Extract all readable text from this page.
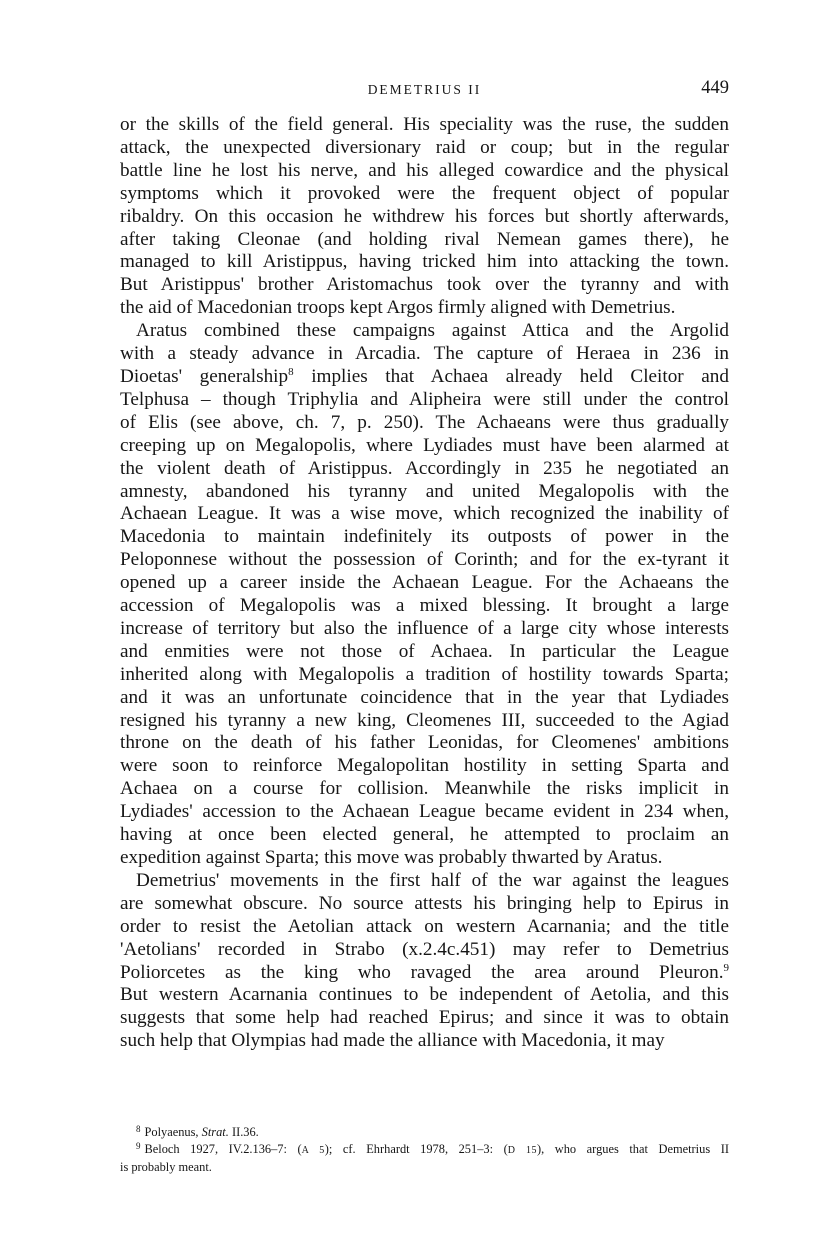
DEMETRIUS II	449

or the skills of the field general. His speciality was the ruse, the sudden

attack, the unexpected diversionary raid or coup; but in the regular

battle line he lost his nerve, and his alleged cowardice and the physical

symptoms which it provoked were the frequent object of popular

ribaldry. On this occasion he withdrew his forces but shortly afterwards,

after taking Cleonae (and holding rival Nemean games there), he

managed to kill Aristippus, having tricked him into attacking the town.

But Aristippus' brother Aristomachus took over the tyranny and with

the aid of Macedonian troops kept Argos firmly aligned with Demetrius.

Aratus combined these campaigns against Attica and the Argolid

with a steady advance in Arcadia. The capture of Heraea in 236 in

Dioetas' generalship$^8$ implies that Achaea already held Cleitor and

Telphusa – though Triphylia and Alipheira were still under the control

of Elis (see above, ch. 7, p. 250). The Achaeans were thus gradually

creeping up on Megalopolis, where Lydiades must have been alarmed at

the violent death of Aristippus. Accordingly in 235 he negotiated an

amnesty, abandoned his tyranny and united Megalopolis with the

Achaean League. It was a wise move, which recognized the inability of

Macedonia to maintain indefinitely its outposts of power in the

Peloponnese without the possession of Corinth; and for the ex-tyrant it

opened up a career inside the Achaean League. For the Achaeans the

accession of Megalopolis was a mixed blessing. It brought a large

increase of territory but also the influence of a large city whose interests

and enmities were not those of Achaea. In particular the League

inherited along with Megalopolis a tradition of hostility towards Sparta;

and it was an unfortunate coincidence that in the year that Lydiades

resigned his tyranny a new king, Cleomenes III, succeeded to the Agiad

throne on the death of his father Leonidas, for Cleomenes' ambitions

were soon to reinforce Megalopolitan hostility in setting Sparta and

Achaea on a course for collision. Meanwhile the risks implicit in

Lydiades' accession to the Achaean League became evident in 234 when,

having at once been elected general, he attempted to proclaim an

expedition against Sparta; this move was probably thwarted by Aratus.

Demetrius' movements in the first half of the war against the leagues

are somewhat obscure. No source attests his bringing help to Epirus in

order to resist the Aetolian attack on western Acarnania; and the title

'Aetolians' recorded in Strabo (x.2.4c.451) may refer to Demetrius

Poliorcetes as the king who ravaged the area around Pleuron.$^9$

But western Acarnania continues to be independent of Aetolia, and this

suggests that some help had reached Epirus; and since it was to obtain

such help that Olympias had made the alliance with Macedonia, it may

$^8$ Polyaenus, Strat. II.36.

$^9$ Beloch 1927, IV.2.136–7: (A 5); cf. Ehrhardt 1978, 251–3: (D 15), who argues that Demetrius II

is probably meant.
